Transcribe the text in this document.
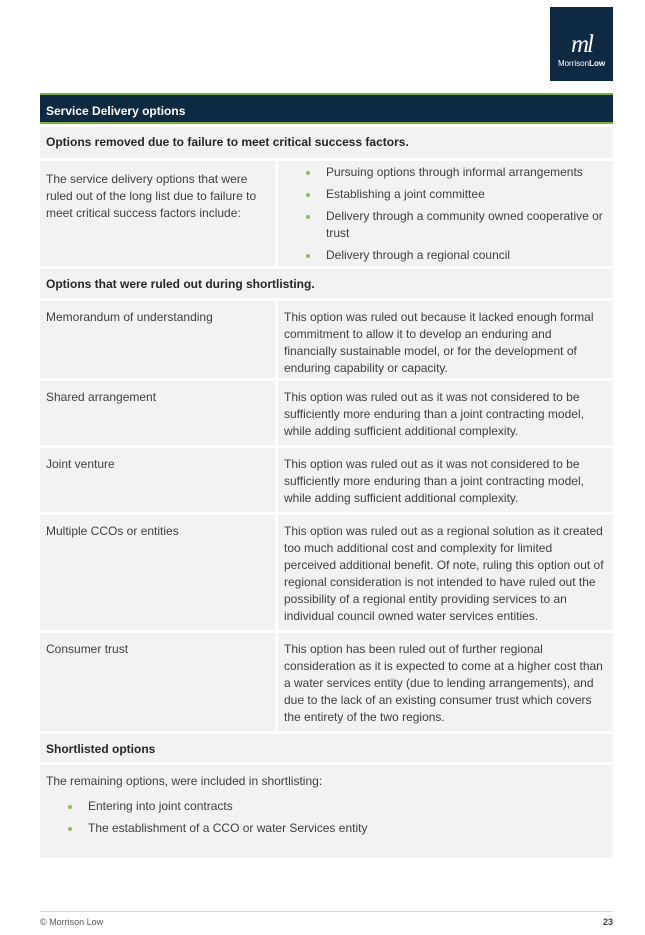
ml
MorrisonLow
Service Delivery options
Options removed due to failure to meet critical success factors.
The service delivery options that were ruled out of the long list due to failure to meet critical success factors include:
Pursuing options through informal arrangements
Establishing a joint committee
Delivery through a community owned cooperative or trust
Delivery through a regional council
Options that were ruled out during shortlisting.
Memorandum of understanding	This option was ruled out because it lacked enough formal commitment to allow it to develop an enduring and financially sustainable model, or for the development of enduring capability or capacity.
Shared arrangement	This option was ruled out as it was not considered to be sufficiently more enduring than a joint contracting model, while adding sufficient additional complexity.
Joint venture	This option was ruled out as it was not considered to be sufficiently more enduring than a joint contracting model, while adding sufficient additional complexity.
Multiple CCOs or entities	This option was ruled out as a regional solution as it created too much additional cost and complexity for limited perceived additional benefit. Of note, ruling this option out of regional consideration is not intended to have ruled out the possibility of a regional entity providing services to an individual council owned water services entities.
Consumer trust	This option has been ruled out of further regional consideration as it is expected to come at a higher cost than a water services entity (due to lending arrangements), and due to the lack of an existing consumer trust which covers the entirety of the two regions.
Shortlisted options
The remaining options, were included in shortlisting:
Entering into joint contracts
The establishment of a CCO or water Services entity
© Morrison Low	23
